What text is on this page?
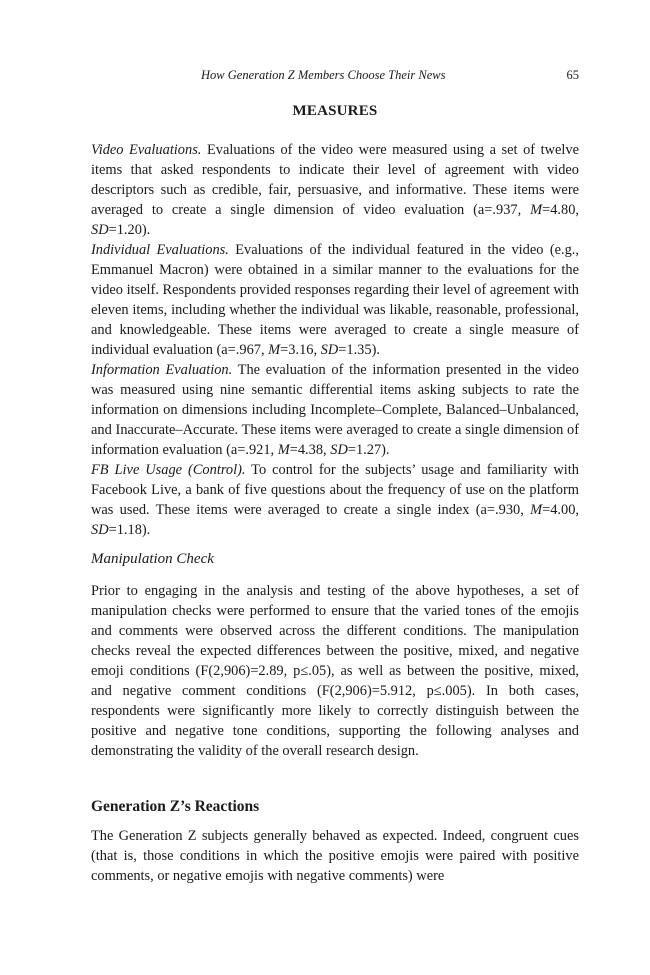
How Generation Z Members Choose Their News	65
MEASURES

Video Evaluations. Evaluations of the video were measured using a set of twelve items that asked respondents to indicate their level of agreement with video descriptors such as credible, fair, persuasive, and informative. These items were averaged to create a single dimension of video evaluation (a=.937, M=4.80, SD=1.20).

Individual Evaluations. Evaluations of the individual featured in the video (e.g., Emmanuel Macron) were obtained in a similar manner to the evaluations for the video itself. Respondents provided responses regarding their level of agreement with eleven items, including whether the individual was likable, reasonable, professional, and knowledgeable. These items were averaged to create a single measure of individual evaluation (a=.967, M=3.16, SD=1.35).

Information Evaluation. The evaluation of the information presented in the video was measured using nine semantic differential items asking subjects to rate the information on dimensions including Incomplete–Complete, Balanced–Unbalanced, and Inaccurate–Accurate. These items were averaged to create a single dimension of information evaluation (a=.921, M=4.38, SD=1.27).

FB Live Usage (Control). To control for the subjects’ usage and familiarity with Facebook Live, a bank of five questions about the frequency of use on the platform was used. These items were averaged to create a single index (a=.930, M=4.00, SD=1.18).

Manipulation Check

Prior to engaging in the analysis and testing of the above hypotheses, a set of manipulation checks were performed to ensure that the varied tones of the emojis and comments were observed across the different conditions. The manipulation checks reveal the expected differences between the positive, mixed, and negative emoji conditions (F(2,906)=2.89, p≤.05), as well as between the positive, mixed, and negative comment conditions (F(2,906)=5.912, p≤.005). In both cases, respondents were significantly more likely to correctly distinguish between the positive and negative tone conditions, supporting the following analyses and demonstrating the validity of the overall research design.

Generation Z’s Reactions

The Generation Z subjects generally behaved as expected. Indeed, congruent cues (that is, those conditions in which the positive emojis were paired with positive comments, or negative emojis with negative comments) were
